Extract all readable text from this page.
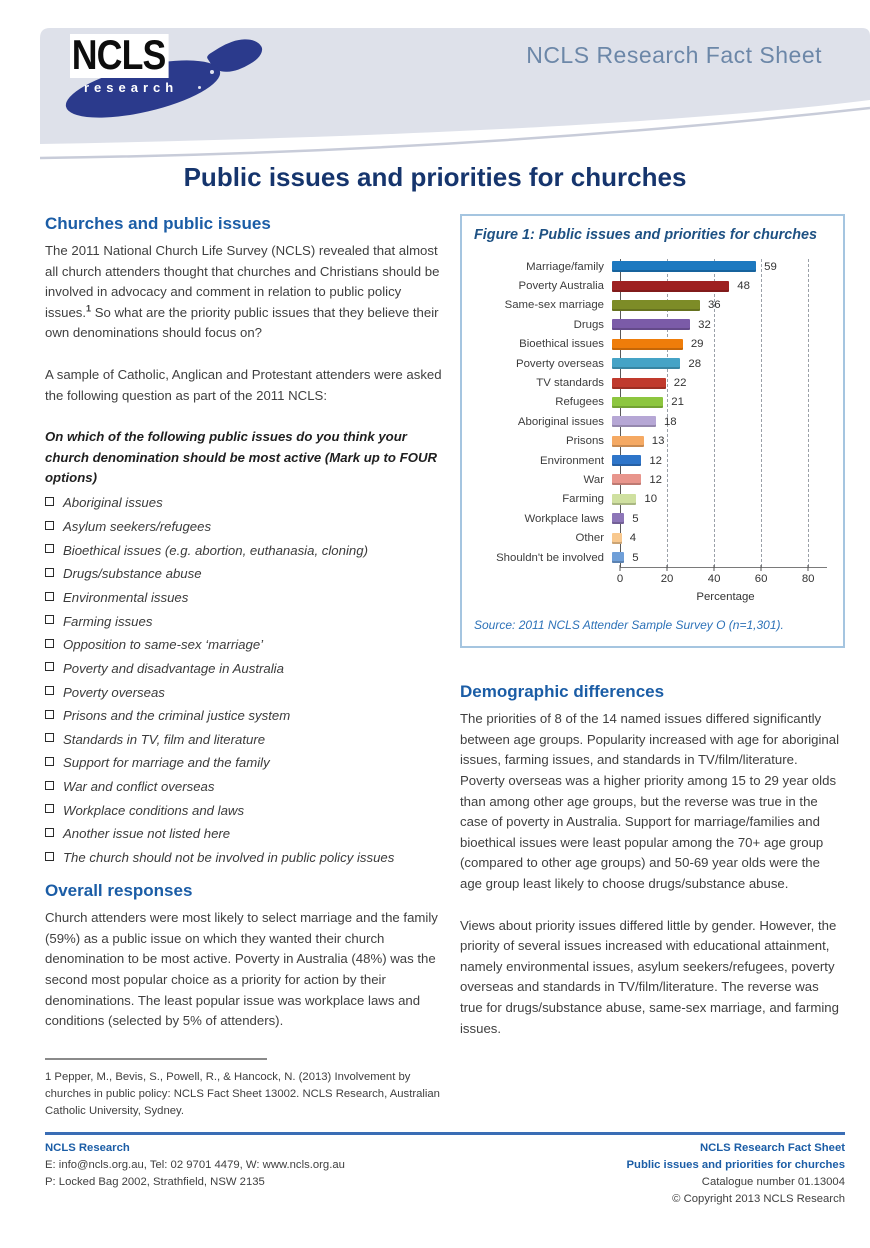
NCLS
research
NCLS Research Fact Sheet
Public issues and priorities for churches
Churches and public issues

The 2011 National Church Life Survey (NCLS) revealed that almost all church attenders thought that churches and Christians should be involved in advocacy and comment in relation to public policy issues.$^1$ So what are the priority public issues that they believe their own denominations should focus on?

A sample of Catholic, Anglican and Protestant attenders were asked the following question as part of the 2011 NCLS:

On which of the following public issues do you think your church denomination should be most active (Mark up to FOUR options)

Aboriginal issues
Asylum seekers/refugees
Bioethical issues (e.g. abortion, euthanasia, cloning)
Drugs/substance abuse
Environmental issues
Farming issues
Opposition to same-sex ‘marriage’
Poverty and disadvantage in Australia
Poverty overseas
Prisons and the criminal justice system
Standards in TV, film and literature
Support for marriage and the family
War and conflict overseas
Workplace conditions and laws
Another issue not listed here
The church should not be involved in public policy issues
Overall responses

Church attenders were most likely to select marriage and the family (59%) as a public issue on which they wanted their church denomination to be most active. Poverty in Australia (48%) was the second most popular choice as a priority for action by their denominations. The least popular issue was workplace laws and conditions (selected by 5% of attenders).

1 Pepper, M., Bevis, S., Powell, R., & Hancock, N. (2013) Involvement by churches in public policy: NCLS Fact Sheet 13002. NCLS Research, Australian Catholic University, Sydney.
Figure 1: Public issues and priorities for churches
Marriage/family	59
Poverty Australia	48
Same-sex marriage	36
Drugs	32
Bioethical issues	29
Poverty overseas	28
TV standards	22
Refugees	21
Aboriginal issues	18
Prisons	13
Environment	12
War	12
Farming	10
Workplace laws	5
Other	4
Shouldn't be involved	5
0	20	40	60	80
Percentage
Source: 2011 NCLS Attender Sample Survey O (n=1,301).
Demographic differences

The priorities of 8 of the 14 named issues differed significantly between age groups. Popularity increased with age for aboriginal issues, farming issues, and standards in TV/film/literature. Poverty overseas was a higher priority among 15 to 29 year olds than among other age groups, but the reverse was true in the case of poverty in Australia. Support for marriage/families and bioethical issues were least popular among the 70+ age group (compared to other age groups) and 50-69 year olds were the age group least likely to choose drugs/substance abuse.

Views about priority issues differed little by gender. However, the priority of several issues increased with educational attainment, namely environmental issues, asylum seekers/refugees, poverty overseas and standards in TV/film/literature. The reverse was true for drugs/substance abuse, same-sex marriage, and farming issues.

NCLS Research
E: info@ncls.org.au, Tel: 02 9701 4479, W: www.ncls.org.au
P: Locked Bag 2002, Strathfield, NSW 2135
NCLS Research Fact Sheet
Public issues and priorities for churches
Catalogue number 01.13004
© Copyright 2013 NCLS Research
